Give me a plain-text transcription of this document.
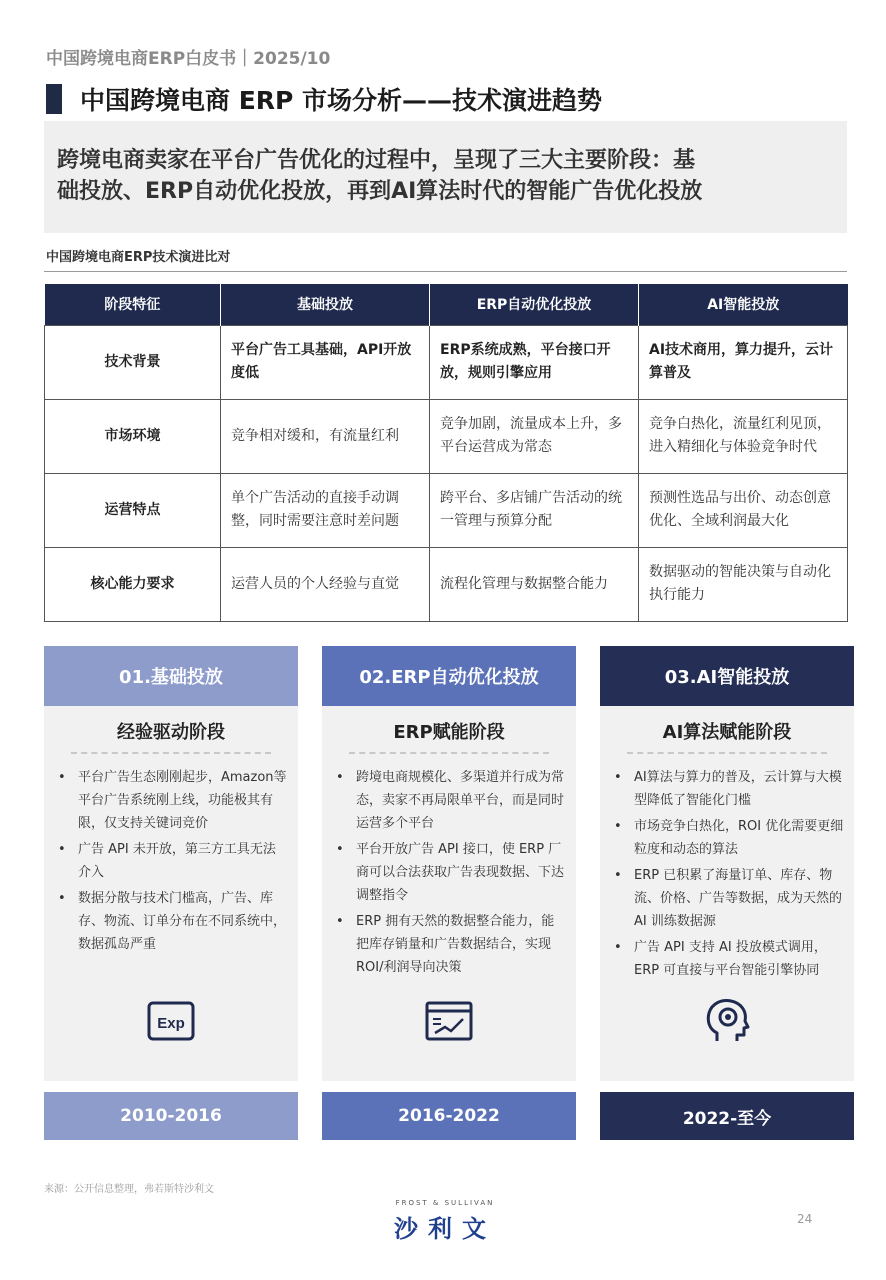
中国跨境电商ERP白皮书｜2025/10
中国跨境电商 ERP 市场分析——技术演进趋势

跨境电商卖家在平台广告优化的过程中，呈现了三大主要阶段：基

础投放、ERP自动优化投放，再到AI算法时代的智能广告优化投放

中国跨境电商ERP技术演进比对
阶段特征	基础投放	ERP自动优化投放	AI智能投放
技术背景	平台广告工具基础，API开放度低	ERP系统成熟，平台接口开放，规则引擎应用	AI技术商用，算力提升，云计算普及
市场环境	竞争相对缓和，有流量红利	竞争加剧，流量成本上升，多平台运营成为常态	竞争白热化，流量红利见顶，进入精细化与体验竞争时代
运营特点	单个广告活动的直接手动调整，同时需要注意时差问题	跨平台、多店铺广告活动的统一管理与预算分配	预测性选品与出价、动态创意优化、全域利润最大化
核心能力要求	运营人员的个人经验与直觉	流程化管理与数据整合能力	数据驱动的智能决策与自动化执行能力
01.基础投放
经验驱动阶段
• 平台广告生态刚刚起步，Amazon等平台广告系统刚上线，功能极其有限，仅支持关键词竞价
• 广告 API 未开放，第三方工具无法介入
• 数据分散与技术门槛高，广告、库存、物流、订单分布在不同系统中，数据孤岛严重
Exp
2010-2016
02.ERP自动优化投放
ERP赋能阶段
• 跨境电商规模化、多渠道并行成为常态，卖家不再局限单平台，而是同时运营多个平台
• 平台开放广告 API 接口，使 ERP 厂商可以合法获取广告表现数据、下达调整指令
• ERP 拥有天然的数据整合能力，能把库存销量和广告数据结合，实现 ROI/利润导向决策
2016-2022
03.AI智能投放
AI算法赋能阶段
• AI算法与算力的普及，云计算与大模型降低了智能化门槛
• 市场竞争白热化，ROI 优化需要更细粒度和动态的算法
• ERP 已积累了海量订单、库存、物流、价格、广告等数据，成为天然的 AI 训练数据源
• 广告 API 支持 AI 投放模式调用，ERP 可直接与平台智能引擎协同
2022-至今
来源：公开信息整理，弗若斯特沙利文
FROST & SULLIVAN
沙利文	24
